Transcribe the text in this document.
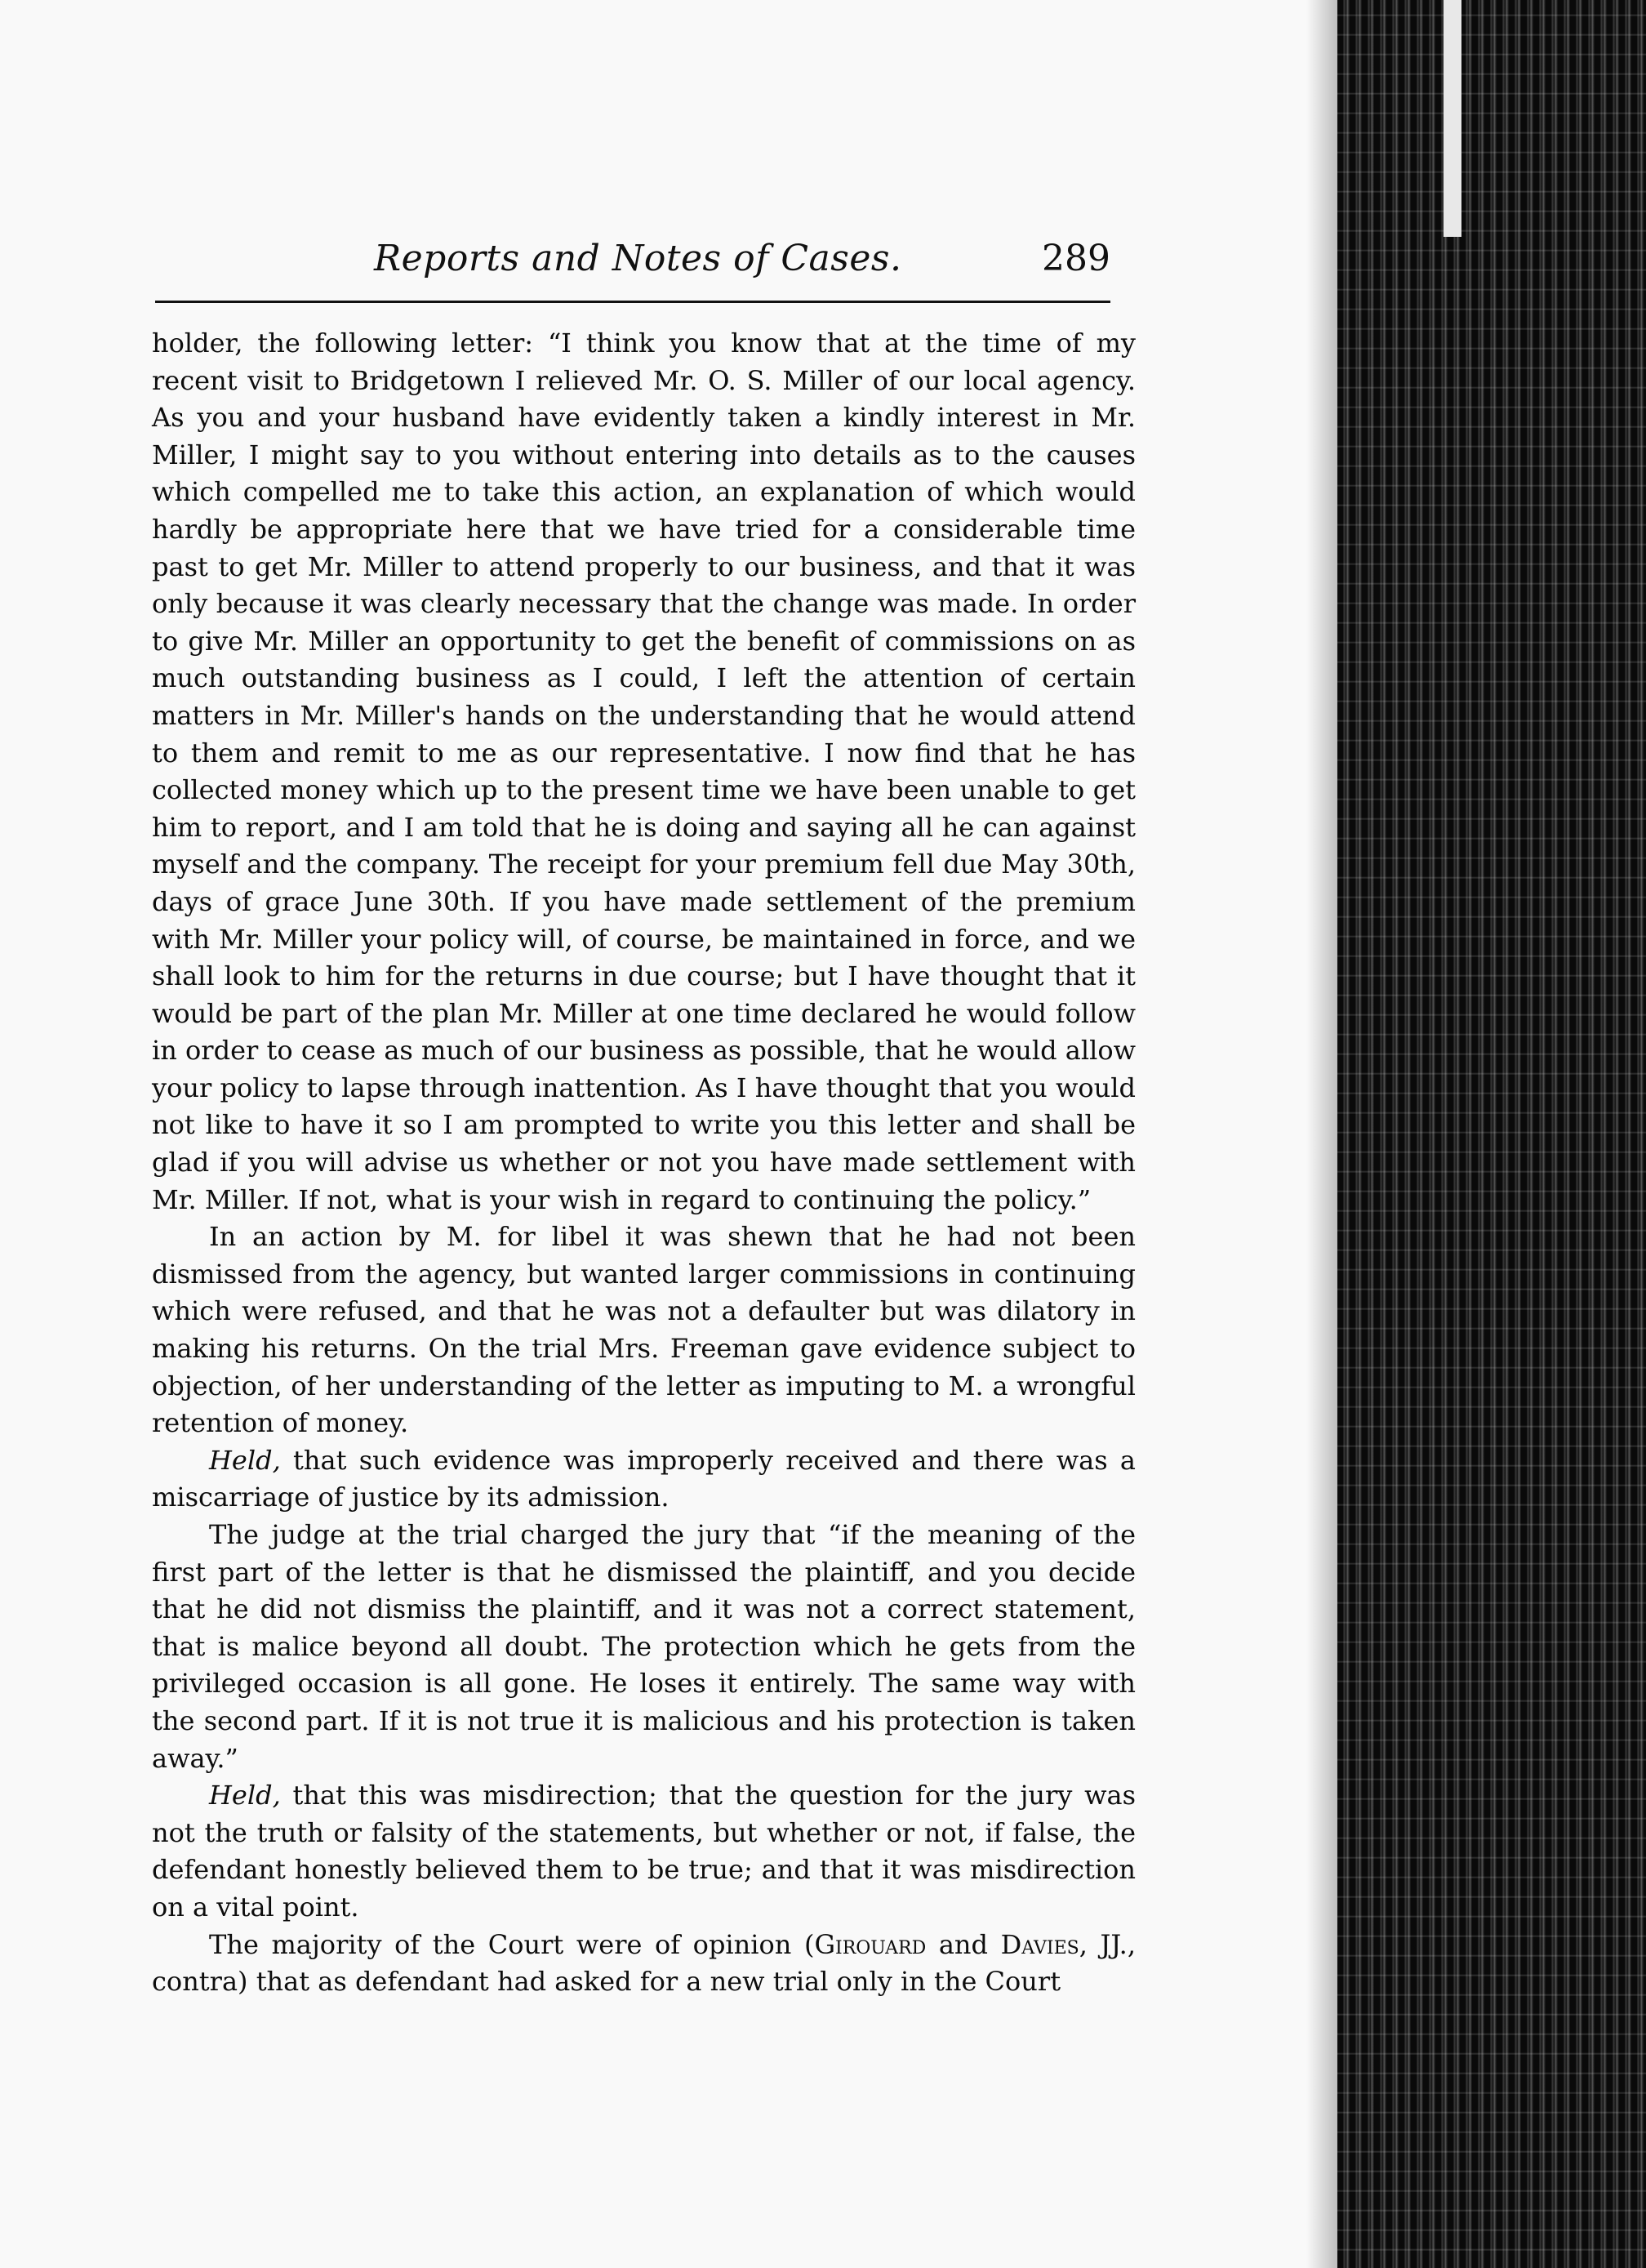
Reports and Notes of Cases.	289

holder, the following letter: “I think you know that at the time of my recent visit to Bridgetown I relieved Mr. O. S. Miller of our local agency. As you and your husband have evidently taken a kindly interest in Mr. Miller, I might say to you without entering into details as to the causes which compelled me to take this action, an explanation of which would hardly be appropriate here that we have tried for a considerable time past to get Mr. Miller to attend properly to our business, and that it was only because it was clearly necessary that the change was made. In order to give Mr. Miller an opportunity to get the benefit of commissions on as much outstanding business as I could, I left the attention of certain matters in Mr. Miller's hands on the understanding that he would attend to them and remit to me as our representative. I now find that he has collected money which up to the present time we have been unable to get him to report, and I am told that he is doing and saying all he can against myself and the company. The receipt for your premium fell due May 30th, days of grace June 30th. If you have made settlement of the premium with Mr. Miller your policy will, of course, be maintained in force, and we shall look to him for the returns in due course; but I have thought that it would be part of the plan Mr. Miller at one time declared he would follow in order to cease as much of our business as possible, that he would allow your policy to lapse through inattention. As I have thought that you would not like to have it so I am prompted to write you this letter and shall be glad if you will advise us whether or not you have made settlement with Mr. Miller. If not, what is your wish in regard to continuing the policy.”

In an action by M. for libel it was shewn that he had not been dismissed from the agency, but wanted larger commissions in continuing which were refused, and that he was not a defaulter but was dilatory in making his returns. On the trial Mrs. Freeman gave evidence subject to objection, of her understanding of the letter as imputing to M. a wrongful retention of money.

Held, that such evidence was improperly received and there was a miscarriage of justice by its admission.

The judge at the trial charged the jury that “if the meaning of the first part of the letter is that he dismissed the plaintiff, and you decide that he did not dismiss the plaintiff, and it was not a correct statement, that is malice beyond all doubt. The protection which he gets from the privileged occasion is all gone. He loses it entirely. The same way with the second part. If it is not true it is malicious and his protection is taken away.”

Held, that this was misdirection; that the question for the jury was not the truth or falsity of the statements, but whether or not, if false, the defendant honestly believed them to be true; and that it was misdirection on a vital point.

The majority of the Court were of opinion (Girouard and Davies, JJ., contra) that as defendant had asked for a new trial only in the Court
